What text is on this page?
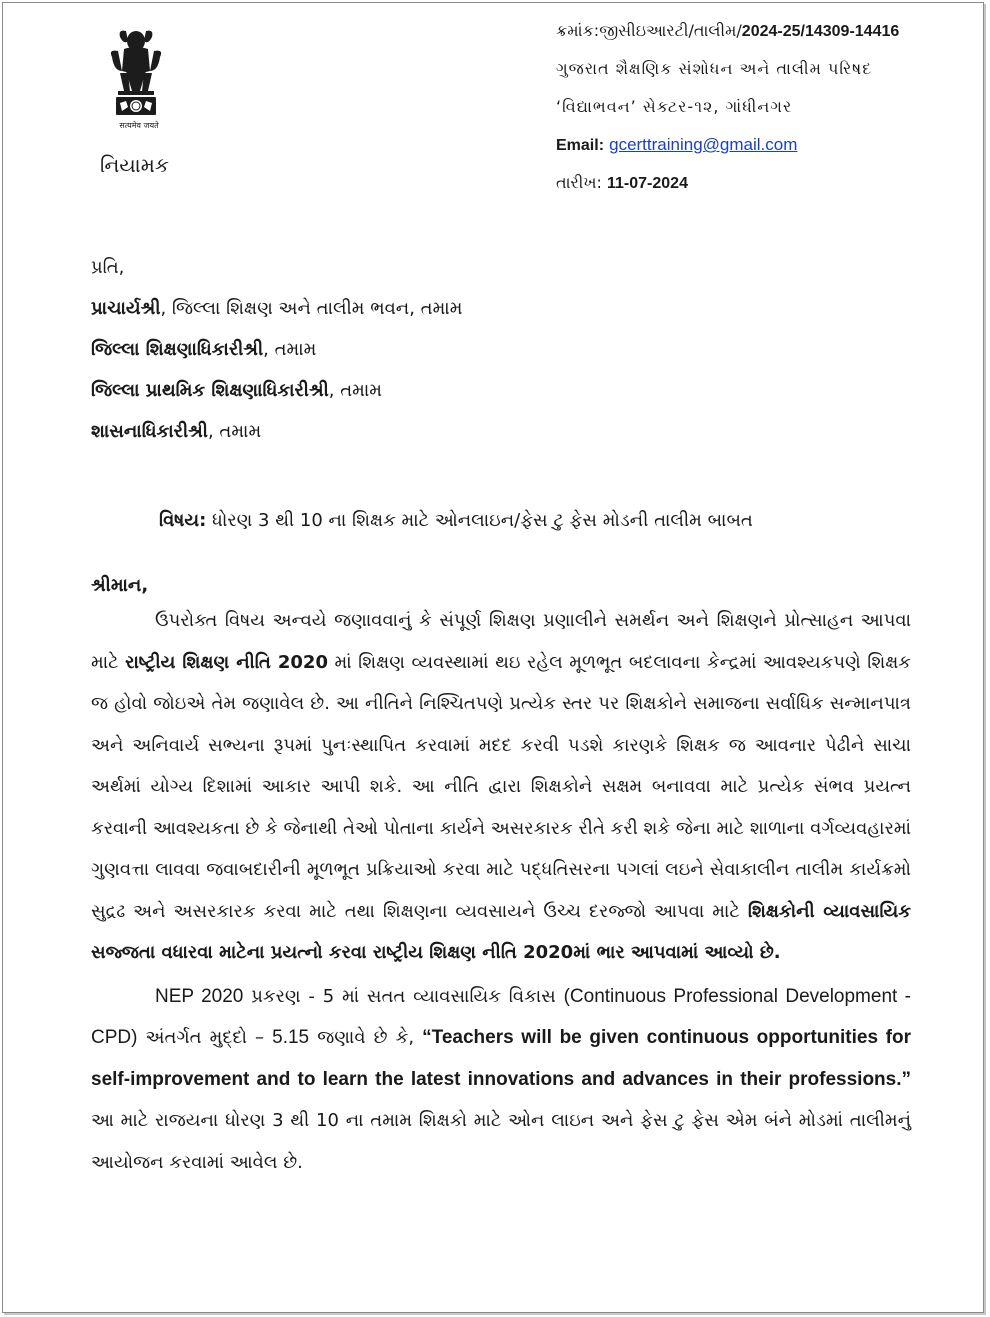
सत्यमेव जयते
નિયામક
ક્રમાંક:જીસીઇઆરટી/તાલીમ/2024-25/14309-14416
ગુજરાત શૈક્ષણિક સંશોધન અને તાલીમ પરિષદ
‘વિદ્યાભવન’ સેક્ટર-૧૨, ગાંધીનગર
Email: gcerttraining@gmail.com
તારીખ: 11-07-2024
પ્રતિ,
પ્રાચાર્યશ્રી, જિલ્લા શિક્ષણ અને તાલીમ ભવન, તમામ
જિલ્લા શિક્ષણાધિકારીશ્રી, તમામ
જિલ્લા પ્રાથમિક શિક્ષણાધિકારીશ્રી, તમામ
શાસનાધિકારીશ્રી, તમામ
વિષય: ધોરણ 3 થી 10 ના શિક્ષક માટે ઓનલાઇન/ફેસ ટુ ફેસ મોડની તાલીમ બાબત
શ્રીમાન,

ઉપરોક્ત વિષય અન્વયે જણાવવાનું કે સંપૂર્ણ શિક્ષણ પ્રણાલીને સમર્થન અને શિક્ષણને પ્રોત્સાહન આપવા માટે રાષ્ટ્રીય શિક્ષણ નીતિ 2020 માં શિક્ષણ વ્યવસ્થામાં થઇ રહેલ મૂળભૂત બદલાવના કેન્દ્રમાં આવશ્યકપણે શિક્ષક જ હોવો જોઇએ તેમ જણાવેલ છે. આ નીતિને નિશ્ચિતપણે પ્રત્યેક સ્તર પર શિક્ષકોને સમાજના સર્વાધિક સન્માનપાત્ર અને અનિવાર્ય સભ્યના રૂપમાં પુનઃસ્થાપિત કરવામાં મદદ કરવી પડશે કારણકે શિક્ષક જ આવનાર પેઢીને સાચા અર્થમાં યોગ્ય દિશામાં આકાર આપી શકે. આ નીતિ દ્વારા શિક્ષકોને સક્ષમ બનાવવા માટે પ્રત્યેક સંભવ પ્રયત્ન કરવાની આવશ્યકતા છે કે જેનાથી તેઓ પોતાના કાર્યને અસરકારક રીતે કરી શકે જેના માટે શાળાના વર્ગવ્યવહારમાં ગુણવત્તા લાવવા જવાબદારીની મૂળભૂત પ્રક્રિયાઓ કરવા માટે પદ્ધતિસરના પગલાં લઇને સેવાકાલીન તાલીમ કાર્યક્રમો સુદ્રઢ અને અસરકારક કરવા માટે તથા શિક્ષણના વ્યવસાયને ઉચ્ચ દરજ્જો આપવા માટે શિક્ષકોની વ્યાવસાયિક સજ્જતા વધારવા માટેના પ્રયત્નો કરવા રાષ્ટ્રીય શિક્ષણ નીતિ 2020માં ભાર આપવામાં આવ્યો છે.

NEP 2020 પ્રકરણ - 5 માં સતત વ્યાવસાયિક વિકાસ (Continuous Professional Development - CPD) અંતર્ગત મુદ્દો – 5.15 જણાવે છે કે, “Teachers will be given continuous opportunities for self-improvement and to learn the latest innovations and advances in their professions.” આ માટે રાજયના ધોરણ 3 થી 10 ના તમામ શિક્ષકો માટે ઓન લાઇન અને ફેસ ટુ ફેસ એમ બંને મોડમાં તાલીમનું આયોજન કરવામાં આવેલ છે.
